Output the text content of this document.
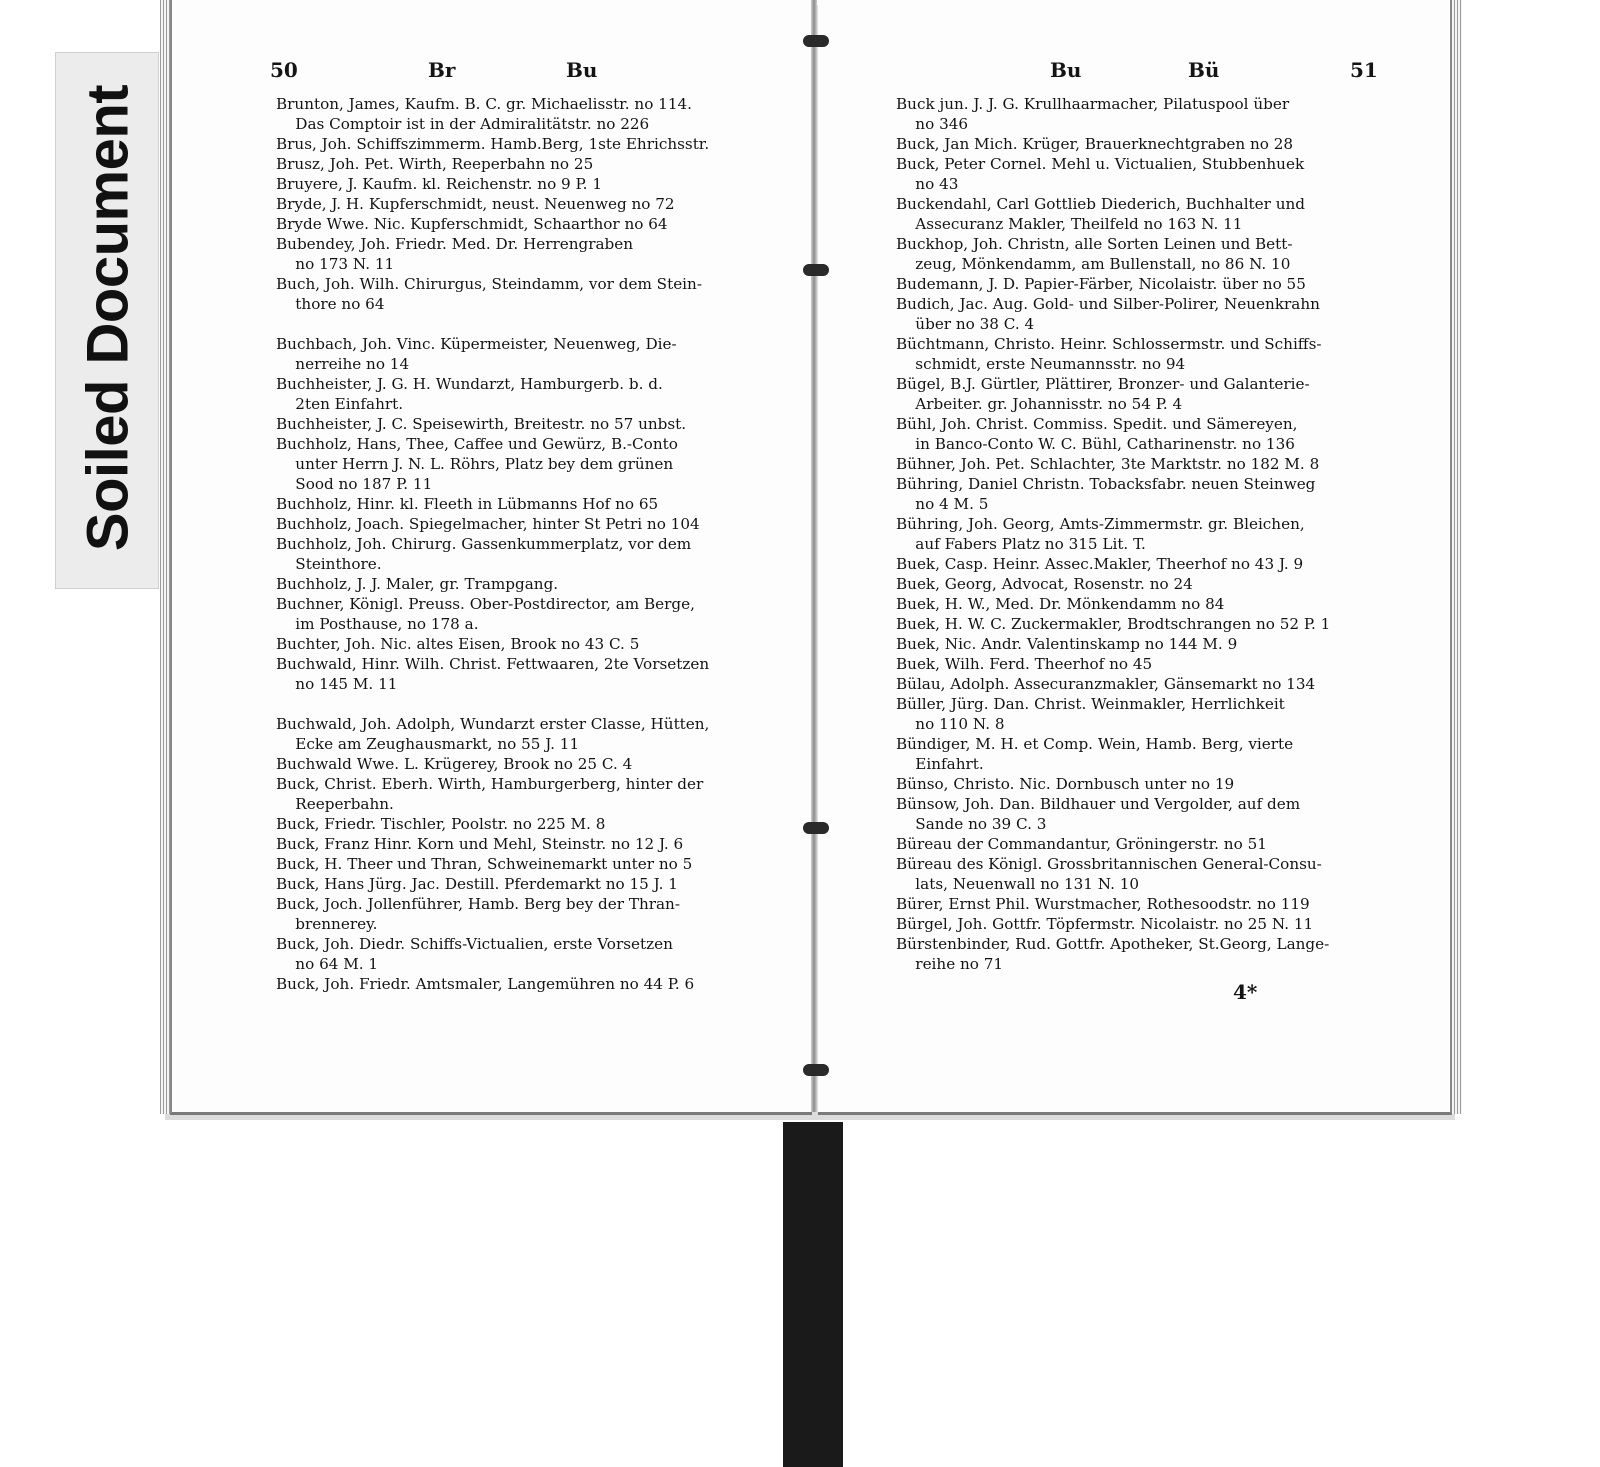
Soiled Document
50	Br	Bu	Bu	Bü	51
Brunton, James, Kaufm. B. C. gr. Michaelisstr. no 114.
Das Comptoir ist in der Admiralitätstr. no 226
Brus, Joh. Schiffszimmerm. Hamb.Berg, 1ste Ehrichsstr.
Brusz, Joh. Pet. Wirth, Reeperbahn no 25
Bruyere, J. Kaufm. kl. Reichenstr. no 9 P. 1
Bryde, J. H. Kupferschmidt, neust. Neuenweg no 72
Bryde Wwe. Nic. Kupferschmidt, Schaarthor no 64
Bubendey, Joh. Friedr. Med. Dr. Herrengraben
no 173 N. 11
Buch, Joh. Wilh. Chirurgus, Steindamm, vor dem Stein-
thore no 64

Buchbach, Joh. Vinc. Küpermeister, Neuenweg, Die-
nerreihe no 14
Buchheister, J. G. H. Wundarzt, Hamburgerb. b. d.
2ten Einfahrt.
Buchheister, J. C. Speisewirth, Breitestr. no 57 unbst.
Buchholz, Hans, Thee, Caffee und Gewürz, B.-Conto
unter Herrn J. N. L. Röhrs, Platz bey dem grünen
Sood no 187 P. 11
Buchholz, Hinr. kl. Fleeth in Lübmanns Hof no 65
Buchholz, Joach. Spiegelmacher, hinter St Petri no 104
Buchholz, Joh. Chirurg. Gassenkummerplatz, vor dem
Steinthore.
Buchholz, J. J. Maler, gr. Trampgang.
Buchner, Königl. Preuss. Ober-Postdirector, am Berge,
im Posthause, no 178 a.
Buchter, Joh. Nic. altes Eisen, Brook no 43 C. 5
Buchwald, Hinr. Wilh. Christ. Fettwaaren, 2te Vorsetzen
no 145 M. 11

Buchwald, Joh. Adolph, Wundarzt erster Classe, Hütten,
Ecke am Zeughausmarkt, no 55 J. 11
Buchwald Wwe. L. Krügerey, Brook no 25 C. 4
Buck, Christ. Eberh. Wirth, Hamburgerberg, hinter der
Reeperbahn.
Buck, Friedr. Tischler, Poolstr. no 225 M. 8
Buck, Franz Hinr. Korn und Mehl, Steinstr. no 12 J. 6
Buck, H. Theer und Thran, Schweinemarkt unter no 5
Buck, Hans Jürg. Jac. Destill. Pferdemarkt no 15 J. 1
Buck, Joch. Jollenführer, Hamb. Berg bey der Thran-
brennerey.
Buck, Joh. Diedr. Schiffs-Victualien, erste Vorsetzen
no 64 M. 1
Buck, Joh. Friedr. Amtsmaler, Langemühren no 44 P. 6
Buck jun. J. J. G. Krullhaarmacher, Pilatuspool über
no 346
Buck, Jan Mich. Krüger, Brauerknechtgraben no 28
Buck, Peter Cornel. Mehl u. Victualien, Stubbenhuek
no 43
Buckendahl, Carl Gottlieb Diederich, Buchhalter und
Assecuranz Makler, Theilfeld no 163 N. 11
Buckhop, Joh. Christn, alle Sorten Leinen und Bett-
zeug, Mönkendamm, am Bullenstall, no 86 N. 10
Budemann, J. D. Papier-Färber, Nicolaistr. über no 55
Budich, Jac. Aug. Gold- und Silber-Polirer, Neuenkrahn
über no 38 C. 4
Büchtmann, Christo. Heinr. Schlossermstr. und Schiffs-
schmidt, erste Neumannsstr. no 94
Bügel, B.J. Gürtler, Plättirer, Bronzer- und Galanterie-
Arbeiter. gr. Johannisstr. no 54 P. 4
Bühl, Joh. Christ. Commiss. Spedit. und Sämereyen,
in Banco-Conto W. C. Bühl, Catharinenstr. no 136
Bühner, Joh. Pet. Schlachter, 3te Marktstr. no 182 M. 8
Bühring, Daniel Christn. Tobacksfabr. neuen Steinweg
no 4 M. 5
Bühring, Joh. Georg, Amts-Zimmermstr. gr. Bleichen,
auf Fabers Platz no 315 Lit. T.
Buek, Casp. Heinr. Assec.Makler, Theerhof no 43 J. 9
Buek, Georg, Advocat, Rosenstr. no 24
Buek, H. W., Med. Dr. Mönkendamm no 84
Buek, H. W. C. Zuckermakler, Brodtschrangen no 52 P. 1
Buek, Nic. Andr. Valentinskamp no 144 M. 9
Buek, Wilh. Ferd. Theerhof no 45
Bülau, Adolph. Assecuranzmakler, Gänsemarkt no 134
Büller, Jürg. Dan. Christ. Weinmakler, Herrlichkeit
no 110 N. 8
Bündiger, M. H. et Comp. Wein, Hamb. Berg, vierte
Einfahrt.
Bünso, Christo. Nic. Dornbusch unter no 19
Bünsow, Joh. Dan. Bildhauer und Vergolder, auf dem
Sande no 39 C. 3
Büreau der Commandantur, Gröningerstr. no 51
Büreau des Königl. Grossbritannischen General-Consu-
lats, Neuenwall no 131 N. 10
Bürer, Ernst Phil. Wurstmacher, Rothesoodstr. no 119
Bürgel, Joh. Gottfr. Töpfermstr. Nicolaistr. no 25 N. 11
Bürstenbinder, Rud. Gottfr. Apotheker, St.Georg, Lange-
reihe no 71
4*
